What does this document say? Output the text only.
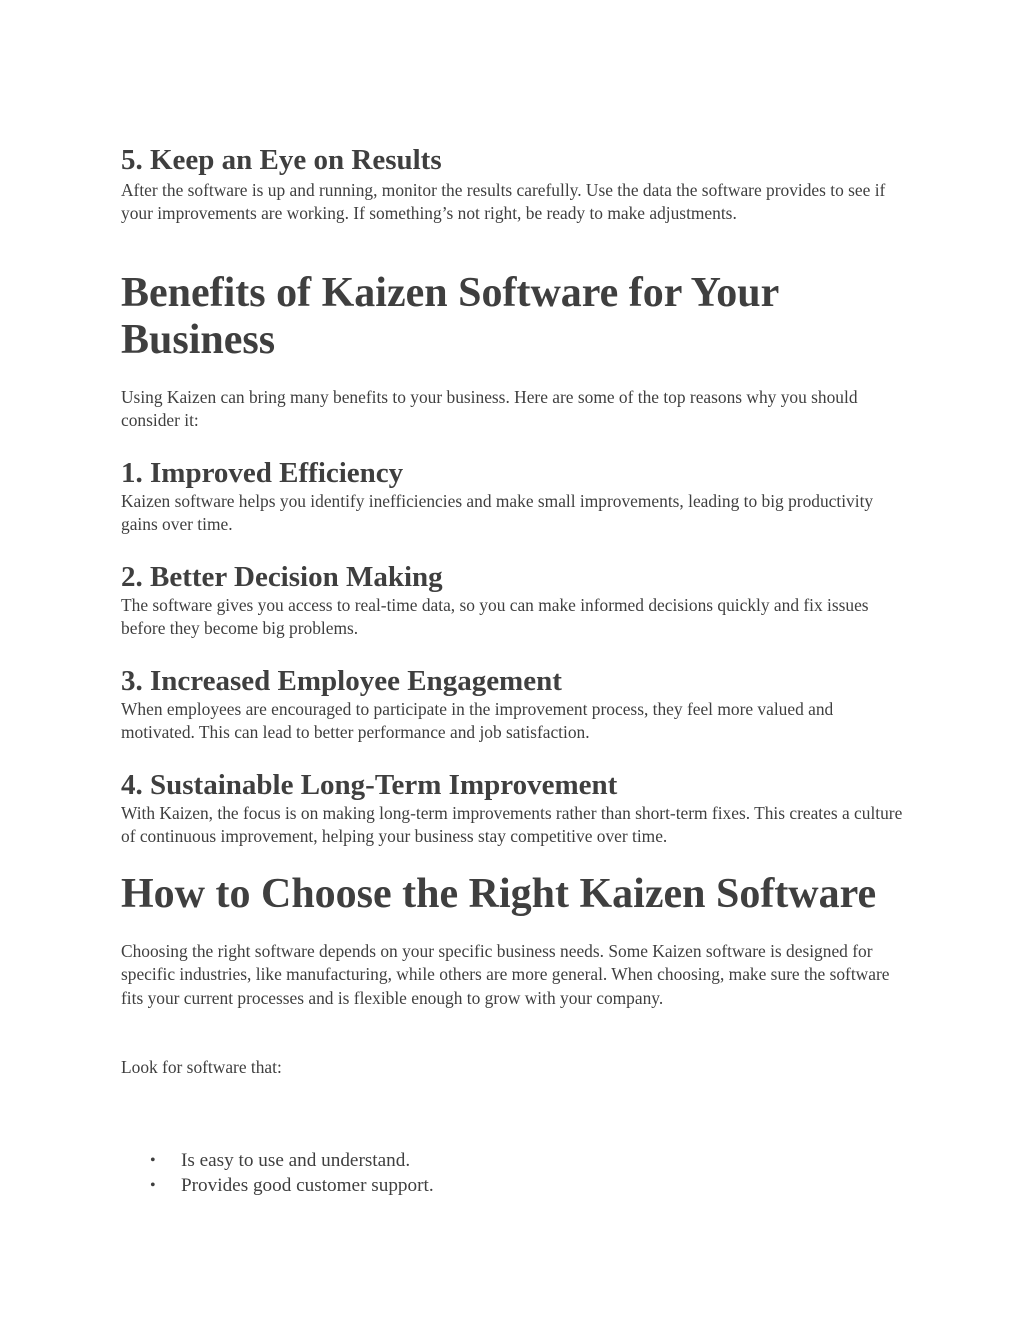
5. Keep an Eye on Results

After the software is up and running, monitor the results carefully. Use the data the software provides to see if your improvements are working. If something’s not right, be ready to make adjustments.

Benefits of Kaizen Software for Your Business

Using Kaizen can bring many benefits to your business. Here are some of the top reasons why you should consider it:

1. Improved Efficiency

Kaizen software helps you identify inefficiencies and make small improvements, leading to big productivity gains over time.

2. Better Decision Making

The software gives you access to real-time data, so you can make informed decisions quickly and fix issues before they become big problems.

3. Increased Employee Engagement

When employees are encouraged to participate in the improvement process, they feel more valued and motivated. This can lead to better performance and job satisfaction.

4. Sustainable Long-Term Improvement

With Kaizen, the focus is on making long-term improvements rather than short-term fixes. This creates a culture of continuous improvement, helping your business stay competitive over time.

How to Choose the Right Kaizen Software

Choosing the right software depends on your specific business needs. Some Kaizen software is designed for specific industries, like manufacturing, while others are more general. When choosing, make sure the software fits your current processes and is flexible enough to grow with your company.

Look for software that:

• Is easy to use and understand.
• Provides good customer support.
